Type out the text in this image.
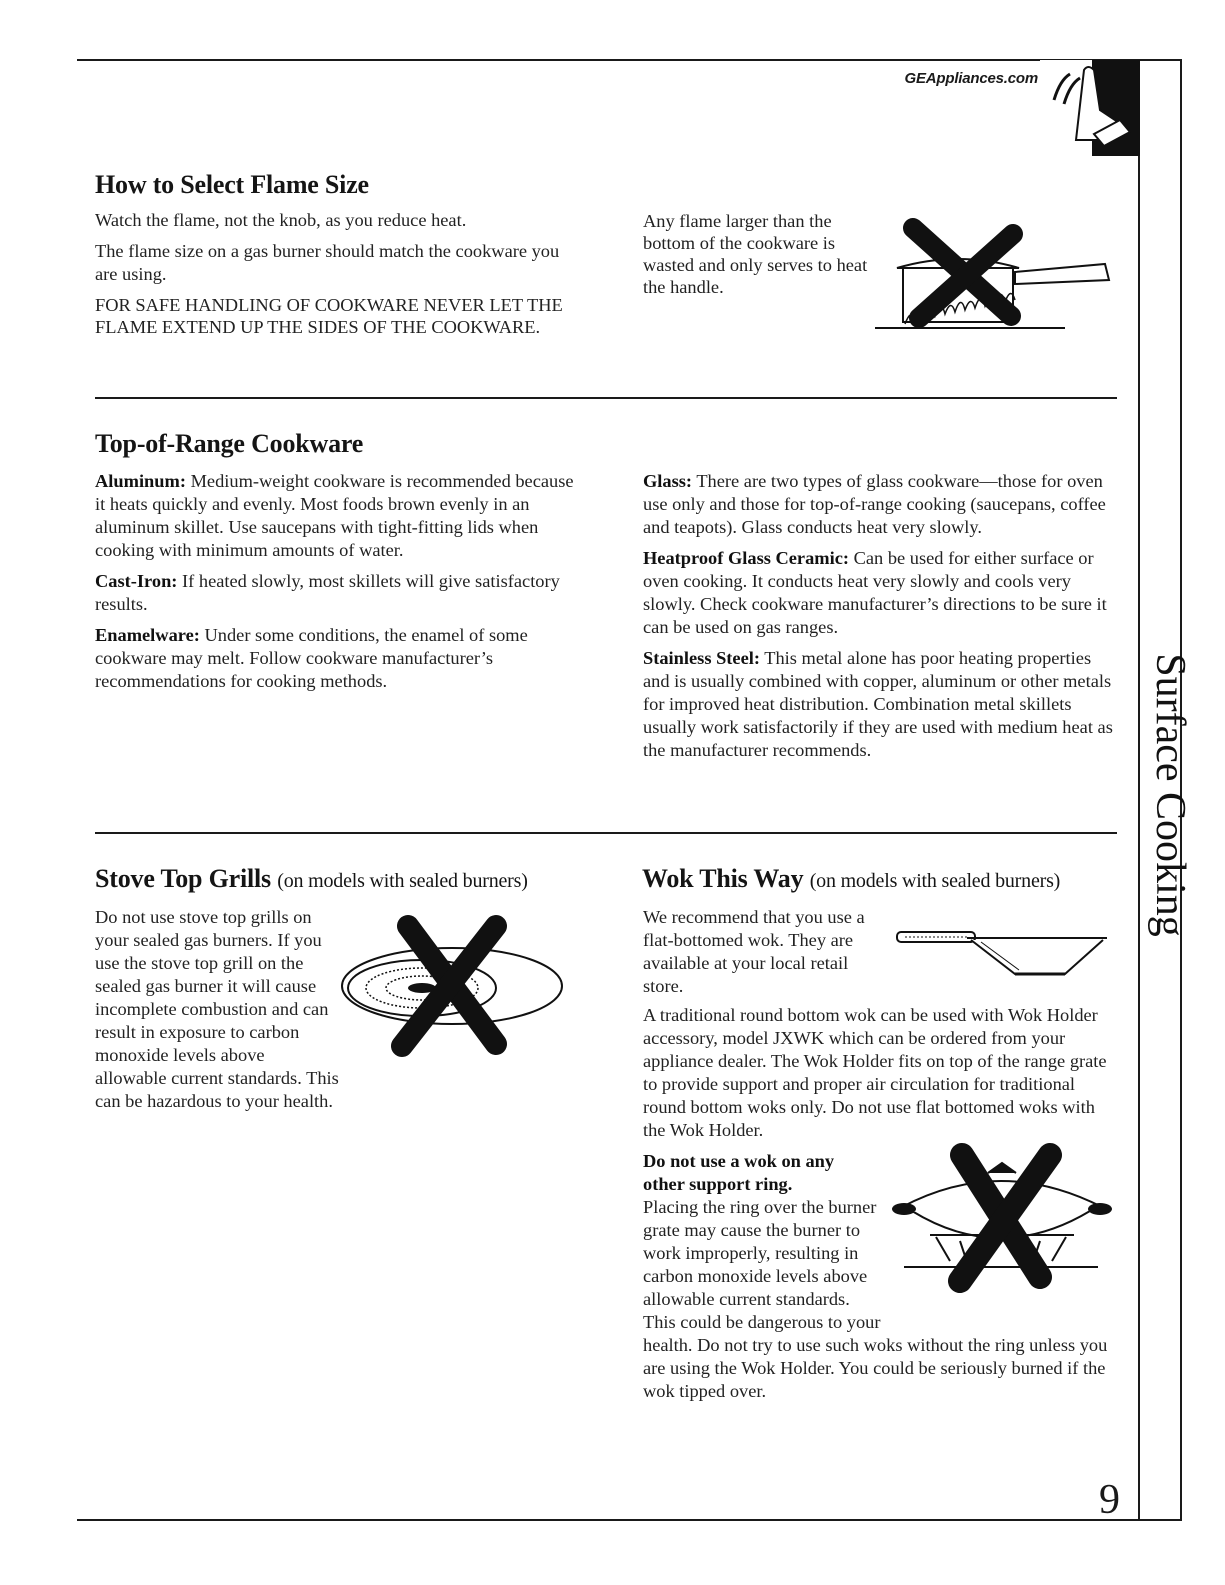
GEAppliances.com
Surface Cooking
How to Select Flame Size

Watch the flame, not the knob, as you reduce heat.

The flame size on a gas burner should match the cookware you are using.

FOR SAFE HANDLING OF COOKWARE NEVER LET THE FLAME EXTEND UP THE SIDES OF THE COOKWARE.

Any flame larger than the bottom of the cookware is wasted and only serves to heat the handle.
Top-of-Range Cookware

Aluminum: Medium-weight cookware is recommended because it heats quickly and evenly. Most foods brown evenly in an aluminum skillet. Use saucepans with tight-fitting lids when cooking with minimum amounts of water.

Cast-Iron: If heated slowly, most skillets will give satisfactory results.

Enamelware: Under some conditions, the enamel of some cookware may melt. Follow cookware manufacturer’s recommendations for cooking methods.

Glass: There are two types of glass cookware—those for oven use only and those for top-of-range cooking (saucepans, coffee and teapots). Glass conducts heat very slowly.

Heatproof Glass Ceramic: Can be used for either surface or oven cooking. It conducts heat very slowly and cools very slowly. Check cookware manufacturer’s directions to be sure it can be used on gas ranges.

Stainless Steel: This metal alone has poor heating properties and is usually combined with copper, aluminum or other metals for improved heat distribution. Combination metal skillets usually work satisfactorily if they are used with medium heat as the manufacturer recommends.

Stove Top Grills (on models with sealed burners)
Do not use stove top grills on your sealed gas burners. If you use the stove top grill on the sealed gas burner it will cause incomplete combustion and can result in exposure to carbon monoxide levels above allowable current standards. This can be hazardous to your health.
Wok This Way (on models with sealed burners)
We recommend that you use a flat-bottomed wok. They are available at your local retail store.
A traditional round bottom wok can be used with Wok Holder accessory, model JXWK which can be ordered from your appliance dealer. The Wok Holder fits on top of the range grate to provide support and proper air circulation for traditional round bottom woks only. Do not use flat bottomed woks with the Wok Holder.
Do not use a wok on any other support ring.
Placing the ring over the burner grate may cause the burner to work improperly, resulting in carbon monoxide levels above allowable current standards. This could be dangerous to your health. Do not try to use such woks without the ring unless you are using the Wok Holder. You could be seriously burned if the wok tipped over.
9
